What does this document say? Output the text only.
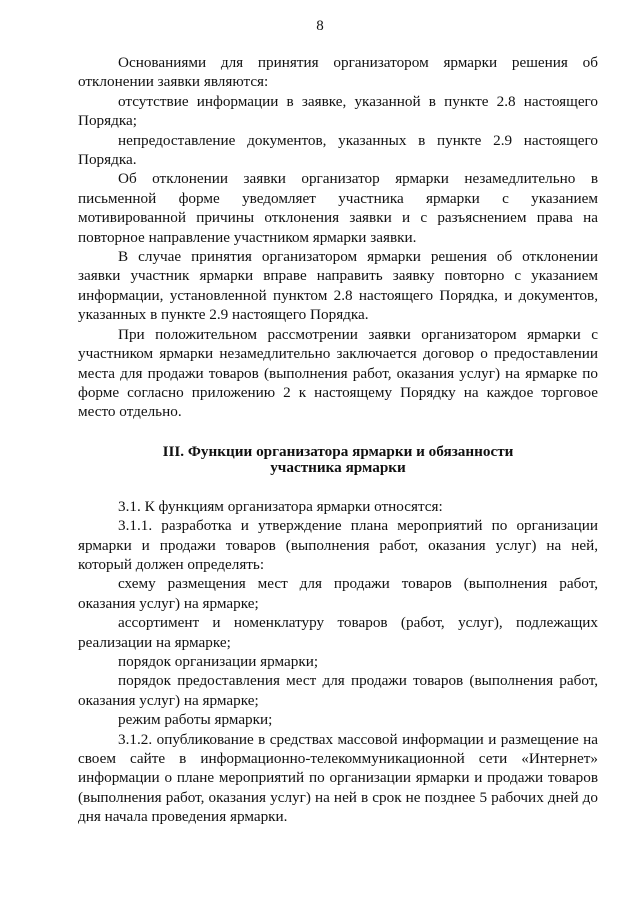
8

Основаниями для принятия организатором ярмарки решения об отклонении заявки являются:

отсутствие информации в заявке, указанной в пункте 2.8 настоящего Порядка;

непредоставление документов, указанных в пункте 2.9 настоящего Порядка.

Об отклонении заявки организатор ярмарки незамедлительно в письменной форме уведомляет участника ярмарки с указанием мотивированной причины отклонения заявки и с разъяснением права на повторное направление участником ярмарки заявки.

В случае принятия организатором ярмарки решения об отклонении заявки участник ярмарки вправе направить заявку повторно с указанием информации, установленной пунктом 2.8 настоящего Порядка, и документов, указанных в пункте 2.9 настоящего Порядка.

При положительном рассмотрении заявки организатором ярмарки с участником ярмарки незамедлительно заключается договор о предоставлении места для продажи товаров (выполнения работ, оказания услуг) на ярмарке по форме согласно приложению 2 к настоящему Порядку на каждое торговое место отдельно.

III. Функции организатора ярмарки и обязанности
участника ярмарки

3.1. К функциям организатора ярмарки относятся:

3.1.1. разработка и утверждение плана мероприятий по организации ярмарки и продажи товаров (выполнения работ, оказания услуг) на ней, который должен определять:

схему размещения мест для продажи товаров (выполнения работ, оказания услуг) на ярмарке;

ассортимент и номенклатуру товаров (работ, услуг), подлежащих реализации на ярмарке;

порядок организации ярмарки;

порядок предоставления мест для продажи товаров (выполнения работ, оказания услуг) на ярмарке;

режим работы ярмарки;

3.1.2. опубликование в средствах массовой информации и размещение на своем сайте в информационно-телекоммуникационной сети «Интернет» информации о плане мероприятий по организации ярмарки и продажи товаров (выполнения работ, оказания услуг) на ней в срок не позднее 5 рабочих дней до дня начала проведения ярмарки.
